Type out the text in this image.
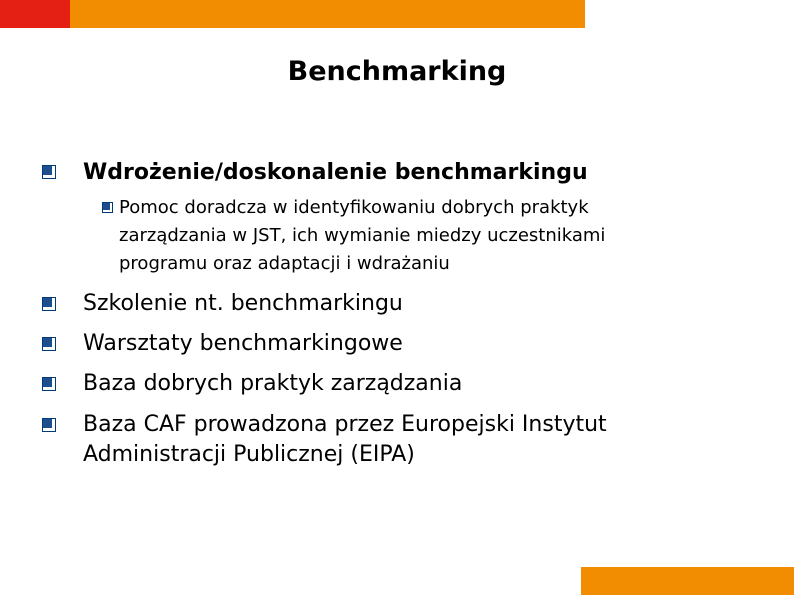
Benchmarking
Wdrożenie/doskonalenie benchmarkingu
Pomoc doradcza w identyfikowaniu dobrych praktyk
zarządzania w JST, ich wymianie miedzy uczestnikami
programu oraz adaptacji i wdrażaniu
Szkolenie nt. benchmarkingu
Warsztaty benchmarkingowe
Baza dobrych praktyk zarządzania
Baza CAF prowadzona przez Europejski Instytut
Administracji Publicznej (EIPA)
